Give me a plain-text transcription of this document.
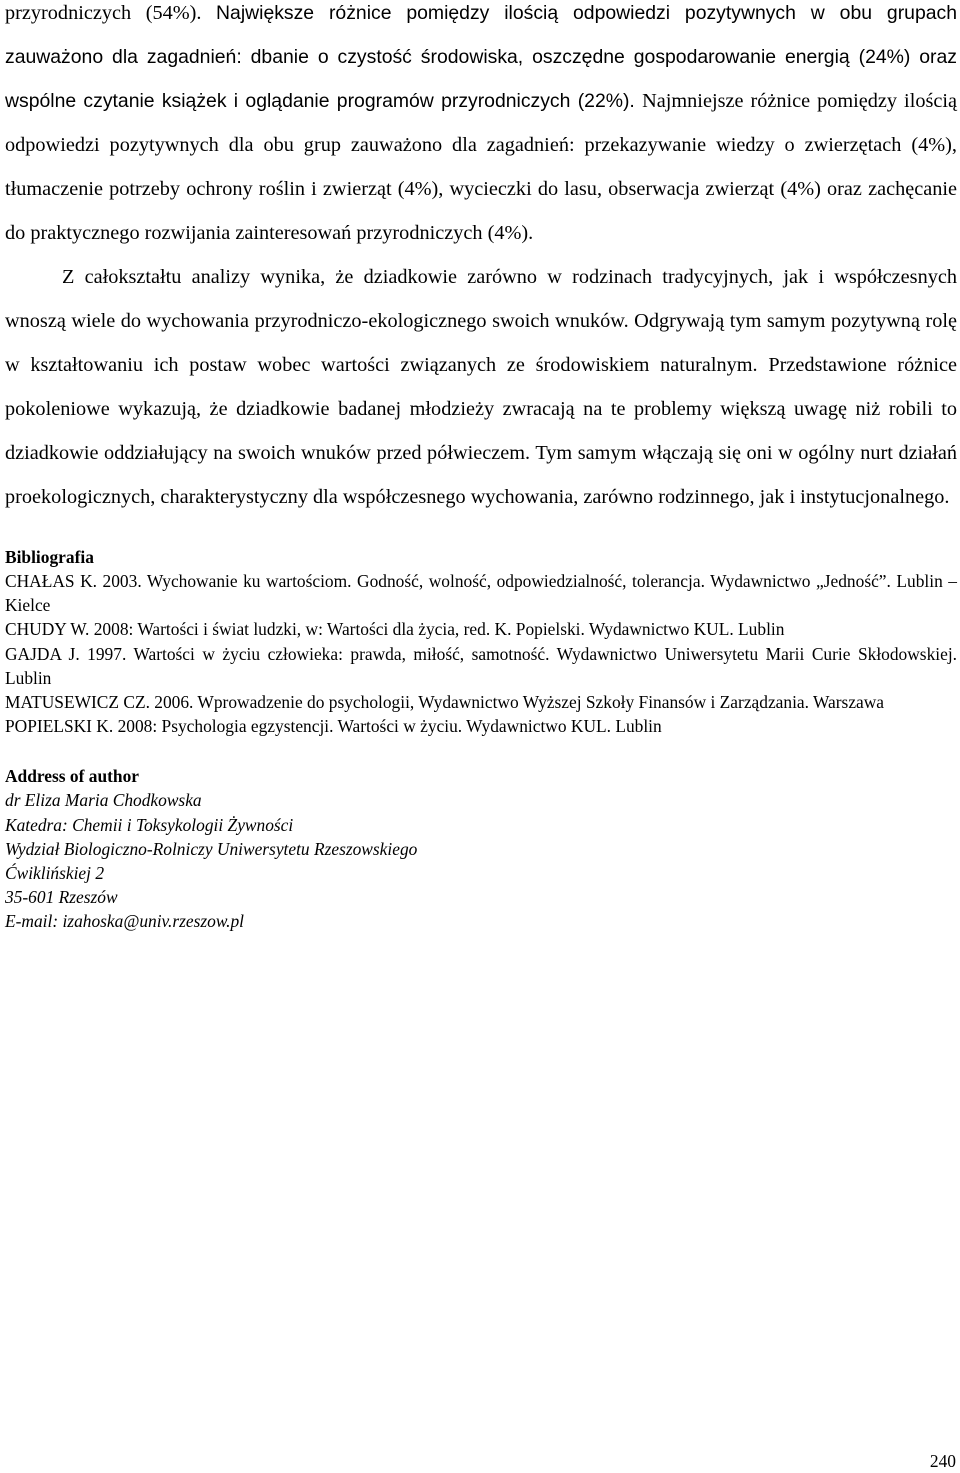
przyrodniczych (54%). Największe różnice pomiędzy ilością odpowiedzi pozytywnych w obu grupach zauważono dla zagadnień: dbanie o czystość środowiska, oszczędne gospodarowanie energią (24%) oraz wspólne czytanie książek i oglądanie programów przyrodniczych (22%). Najmniejsze różnice pomiędzy ilością odpowiedzi pozytywnych dla obu grup zauważono dla zagadnień: przekazywanie wiedzy o zwierzętach (4%), tłumaczenie potrzeby ochrony roślin i zwierząt (4%), wycieczki do lasu, obserwacja zwierząt (4%) oraz zachęcanie do praktycznego rozwijania zainteresowań przyrodniczych (4%).

Z całokształtu analizy wynika, że dziadkowie zarówno w rodzinach tradycyjnych, jak i współczesnych wnoszą wiele do wychowania przyrodniczo-ekologicznego swoich wnuków. Odgrywają tym samym pozytywną rolę w kształtowaniu ich postaw wobec wartości związanych ze środowiskiem naturalnym. Przedstawione różnice pokoleniowe wykazują, że dziadkowie badanej młodzieży zwracają na te problemy większą uwagę niż robili to dziadkowie oddziałujący na swoich wnuków przed półwieczem. Tym samym włączają się oni w ogólny nurt działań proekologicznych, charakterystyczny dla współczesnego wychowania, zarówno rodzinnego, jak i instytucjonalnego.

Bibliografia
CHAŁAS K. 2003. Wychowanie ku wartościom. Godność, wolność, odpowiedzialność, tolerancja. Wydawnictwo „Jedność”. Lublin – Kielce
CHUDY W. 2008: Wartości i świat ludzki, w: Wartości dla życia, red. K. Popielski. Wydawnictwo KUL. Lublin
GAJDA J. 1997. Wartości w życiu człowieka: prawda, miłość, samotność. Wydawnictwo Uniwersytetu Marii Curie Skłodowskiej. Lublin
MATUSEWICZ CZ. 2006. Wprowadzenie do psychologii, Wydawnictwo Wyższej Szkoły Finansów i Zarządzania. Warszawa
POPIELSKI K. 2008: Psychologia egzystencji. Wartości w życiu. Wydawnictwo KUL. Lublin
Address of author

dr Eliza Maria Chodkowska

Katedra: Chemii i Toksykologii Żywności

Wydział Biologiczno-Rolniczy Uniwersytetu Rzeszowskiego

Ćwiklińskiej 2

35-601 Rzeszów

E-mail: izahoska@univ.rzeszow.pl

240
